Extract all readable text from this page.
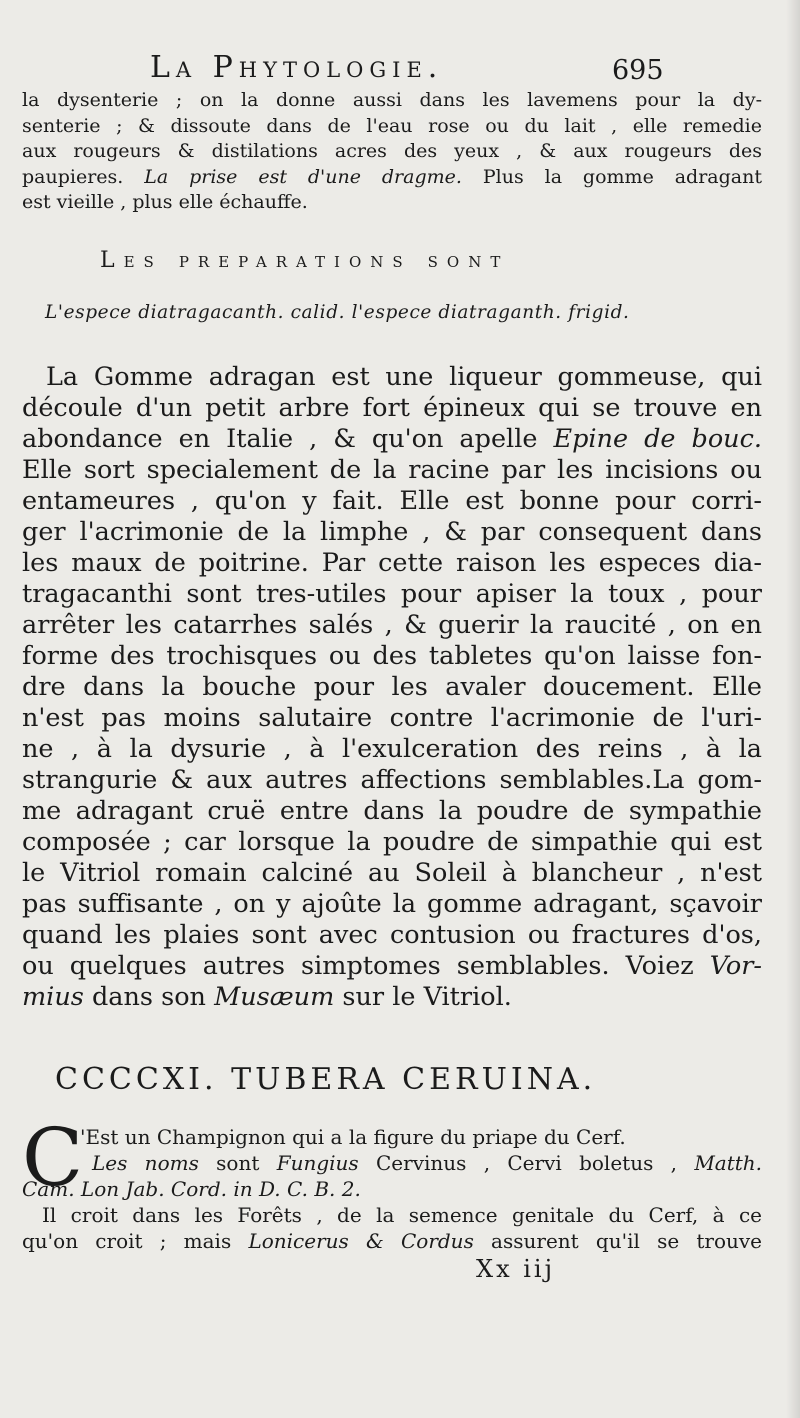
La Phytologie.	695
la dysenterie ; on la donne aussi dans les lavemens pour la dy-
senterie ; & dissoute dans de l'eau rose ou du lait , elle remedie
aux rougeurs & distilations acres des yeux , & aux rougeurs des
paupieres. La prise est d'une dragme. Plus la gomme adragant
est vieille , plus elle échauffe.
Les preparations sont
L'espece diatragacanth. calid. l'espece diatraganth. frigid.
La Gomme adragan est une liqueur gommeuse, qui
découle d'un petit arbre fort épineux qui se trouve en
abondance en Italie , & qu'on apelle Epine de bouc.
Elle sort specialement de la racine par les incisions ou
entameures , qu'on y fait. Elle est bonne pour corri-
ger l'acrimonie de la limphe , & par consequent dans
les maux de poitrine. Par cette raison les especes dia-
tragacanthi sont tres-utiles pour apiser la toux , pour
arrêter les catarrhes salés , & guerir la raucité , on en
forme des trochisques ou des tabletes qu'on laisse fon-
dre dans la bouche pour les avaler doucement. Elle
n'est pas moins salutaire contre l'acrimonie de l'uri-
ne , à la dysurie , à l'exulceration des reins , à la
strangurie & aux autres affections semblables.La gom-
me adragant cruë entre dans la poudre de sympathie
composée ; car lorsque la poudre de simpathie qui est
le Vitriol romain calciné au Soleil à blancheur , n'est
pas suffisante , on y ajoûte la gomme adragant, sçavoir
quand les plaies sont avec contusion ou fractures d'os,
ou quelques autres simptomes semblables. Voiez Vor-
mius dans son Musæum sur le Vitriol.
CCCCXI. TUBERA CERUINA.
C
'Est un Champignon qui a la figure du priape du Cerf.
Les noms sont Fungius Cervinus , Cervi boletus , Matth.
Cam. Lon Jab. Cord. in D. C. B. 2.
Il croit dans les Forêts , de la semence genitale du Cerf, à ce
qu'on croit ; mais Lonicerus & Cordus assurent qu'il se trouve
Xx iij
